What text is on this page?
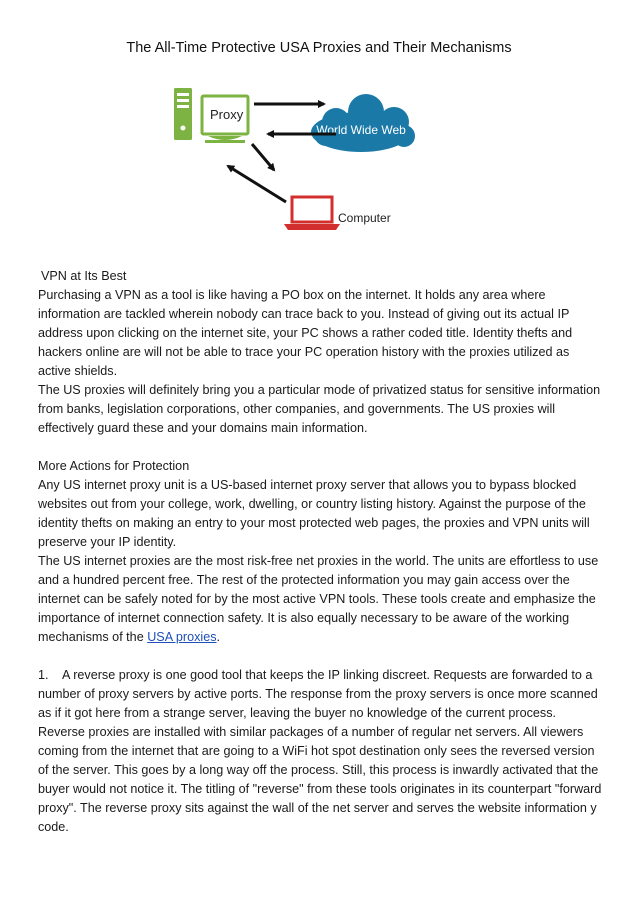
The All-Time Protective USA Proxies and Their Mechanisms
Proxy
World Wide Web
Computer

VPN at Its Best

Purchasing a VPN as a tool is like having a PO box on the internet. It holds any area where information are tackled wherein nobody can trace back to you. Instead of giving out its actual IP address upon clicking on the internet site, your PC shows a rather coded title. Identity thefts and hackers online are will not be able to trace your PC operation history with the proxies utilized as active shields.

The US proxies will definitely bring you a particular mode of privatized status for sensitive information from banks, legislation corporations, other companies, and governments. The US proxies will effectively guard these and your domains main information.

More Actions for Protection

Any US internet proxy unit is a US-based internet proxy server that allows you to bypass blocked websites out from your college, work, dwelling, or country listing history. Against the purpose of the identity thefts on making an entry to your most protected web pages, the proxies and VPN units will preserve your IP identity.

The US internet proxies are the most risk-free net proxies in the world. The units are effortless to use and a hundred percent free. The rest of the protected information you may gain access over the internet can be safely noted for by the most active VPN tools. These tools create and emphasize the importance of internet connection safety. It is also equally necessary to be aware of the working mechanisms of the USA proxies.

1. A reverse proxy is one good tool that keeps the IP linking discreet. Requests are forwarded to a number of proxy servers by active ports. The response from the proxy servers is once more scanned as if it got here from a strange server, leaving the buyer no knowledge of the current process. Reverse proxies are installed with similar packages of a number of regular net servers. All viewers coming from the internet that are going to a WiFi hot spot destination only sees the reversed version of the server. This goes by a long way off the process. Still, this process is inwardly activated that the buyer would not notice it. The titling of "reverse" from these tools originates in its counterpart "forward proxy". The reverse proxy sits against the wall of the net server and serves the website information y code.
